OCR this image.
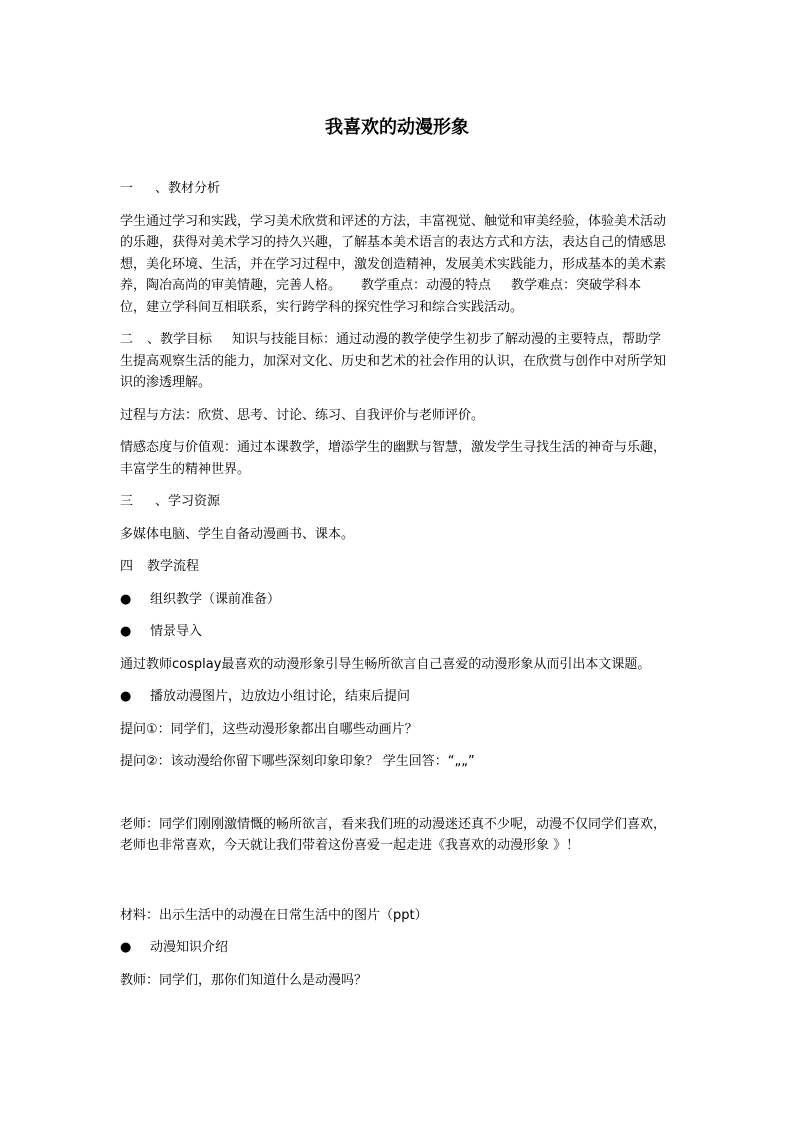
我喜欢的动漫形象
一 、教材分析
学生通过学习和实践，学习美术欣赏和评述的方法，丰富视觉、触觉和审美经验，体验美术活动的乐趣，获得对美术学习的持久兴趣，了解基本美术语言的表达方式和方法，表达自己的情感思想，美化环境、生活，并在学习过程中，激发创造精神，发展美术实践能力，形成基本的美术素养，陶冶高尚的审美情趣，完善人格。 教学重点：动漫的特点 教学难点：突破学科本位，建立学科间互相联系，实行跨学科的探究性学习和综合实践活动。
二 、教学目标 知识与技能目标：通过动漫的教学使学生初步了解动漫的主要特点，帮助学生提高观察生活的能力，加深对文化、历史和艺术的社会作用的认识，在欣赏与创作中对所学知识的渗透理解。
过程与方法：欣赏、思考、讨论、练习、自我评价与老师评价。
情感态度与价值观：通过本课教学，增添学生的幽默与智慧，激发学生寻找生活的神奇与乐趣，丰富学生的精神世界。
三 、学习资源
多媒体电脑、学生自备动漫画书、课本。
四 教学流程
●	组织教学（课前准备）
●	情景导入
通过教师cosplay最喜欢的动漫形象引导生畅所欲言自己喜爱的动漫形象从而引出本文课题。
●	播放动漫图片，边放边小组讨论，结束后提问
提问①：同学们，这些动漫形象都出自哪些动画片？
提问②：该动漫给你留下哪些深刻印象印象？ 学生回答：“„„”
老师：同学们刚刚激情慨的畅所欲言，看来我们班的动漫迷还真不少呢，动漫不仅同学们喜欢，老师也非常喜欢，今天就让我们带着这份喜爱一起走进《我喜欢的动漫形象 》！
材料：出示生活中的动漫在日常生活中的图片（ppt）
●	动漫知识介绍
教师：同学们，那你们知道什么是动漫吗？
